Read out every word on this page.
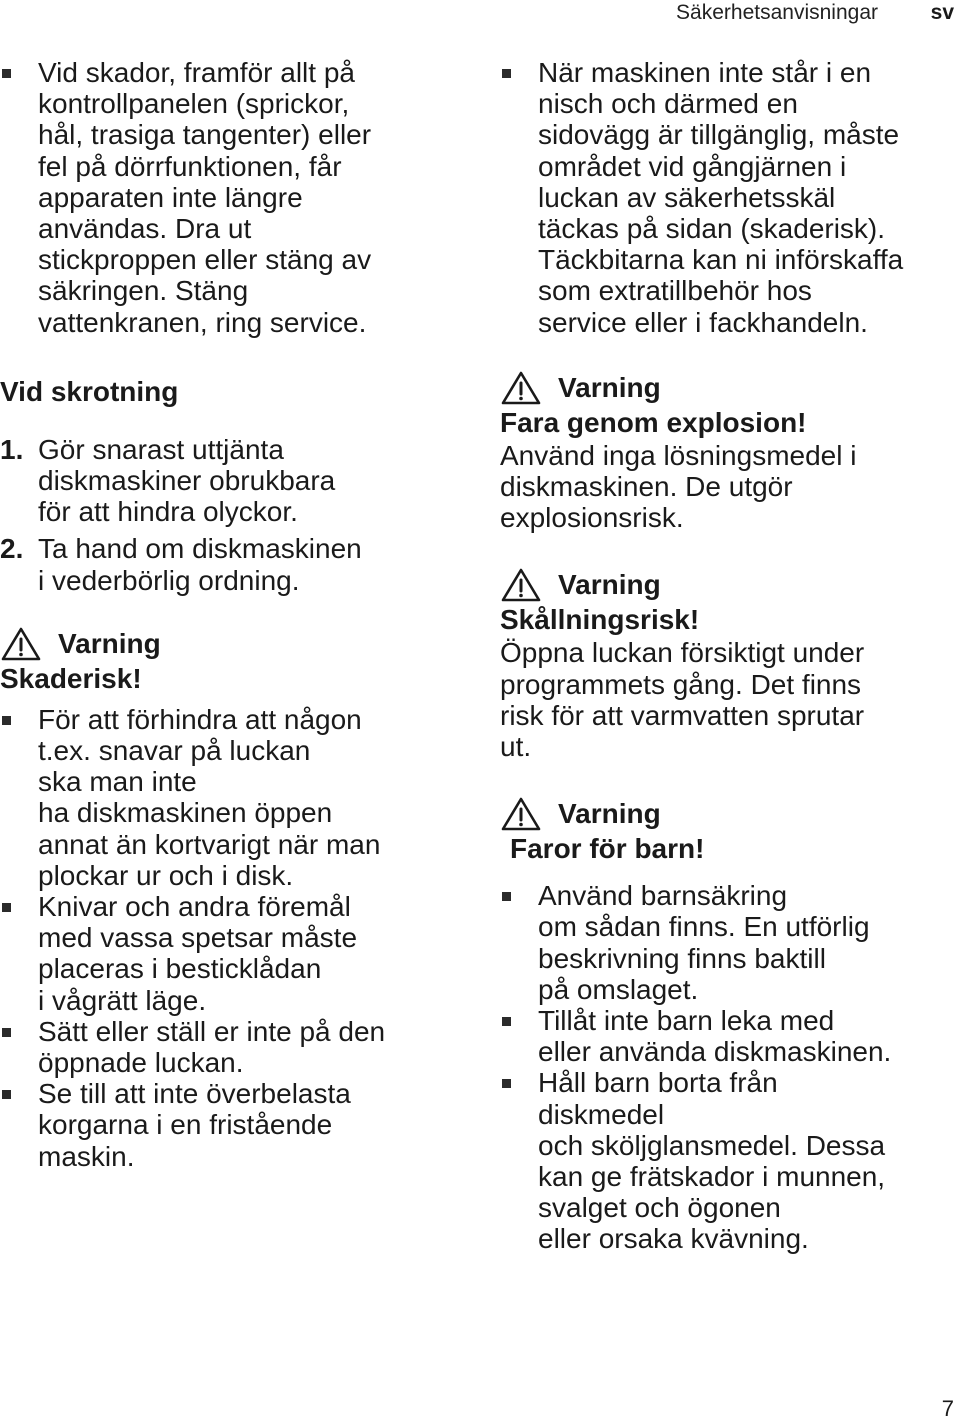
Säkerhetsanvisningar	sv
Vid skador, framför allt på
kontrollpanelen (sprickor,
hål, trasiga tangenter) eller
fel på dörrfunktionen, får
apparaten inte längre
användas. Dra ut
stickproppen eller stäng av
säkringen. Stäng
vattenkranen, ring service.
Vid skrotning
1. Gör snarast uttjänta
diskmaskiner obrukbara
för att hindra olyckor.
2. Ta hand om diskmaskinen
i vederbörlig ordning.
Varning
Skaderisk!
För att förhindra att någon
t.ex. snavar på luckan
ska man inte
ha diskmaskinen öppen
annat än kortvarigt när man
plockar ur och i disk.
Knivar och andra föremål
med vassa spetsar måste
placeras i besticklådan
i vågrätt läge.
Sätt eller ställ er inte på den
öppnade luckan.
Se till att inte överbelasta
korgarna i en fristående
maskin.
När maskinen inte står i en
nisch och därmed en
sidovägg är tillgänglig, måste
området vid gångjärnen i
luckan av säkerhetsskäl
täckas på sidan (skaderisk).
Täckbitarna kan ni införskaffa
som extratillbehör hos
service eller i fackhandeln.
Varning
Fara genom explosion!
Använd inga lösningsmedel i
diskmaskinen. De utgör
explosionsrisk.
Varning
Skållningsrisk!
Öppna luckan försiktigt under
programmets gång. Det finns
risk för att varmvatten sprutar
ut.
Varning
Faror för barn!
Använd barnsäkring
om sådan finns. En utförlig
beskrivning finns baktill
på omslaget.
Tillåt inte barn leka med
eller använda diskmaskinen.
Håll barn borta från
diskmedel
och sköljglansmedel. Dessa
kan ge frätskador i munnen,
svalget och ögonen
eller orsaka kvävning.
7
